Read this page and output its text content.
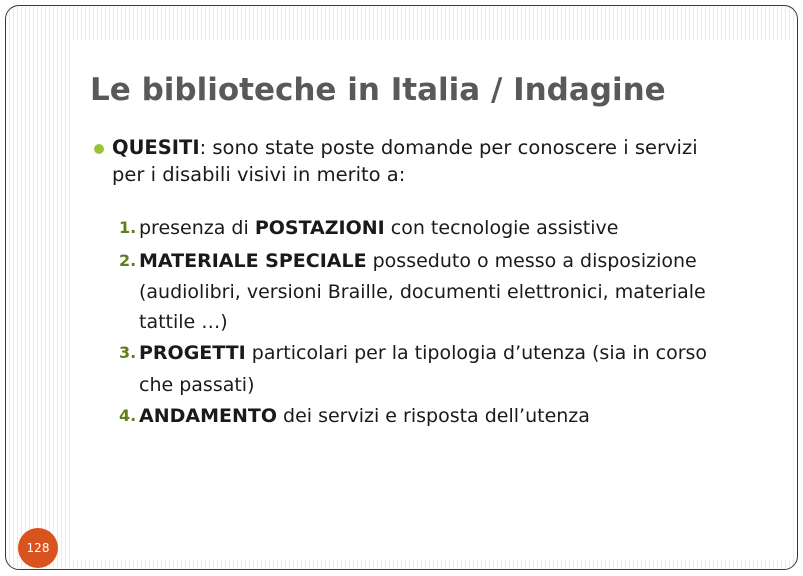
Le biblioteche in Italia / Indagine
QUESITI: sono state poste domande per conoscere i servizi
per i disabili visivi in merito a:
1. presenza di POSTAZIONI con tecnologie assistive
2. MATERIALE SPECIALE posseduto o messo a disposizione
(audiolibri, versioni Braille, documenti elettronici, materiale
tattile …)
3. PROGETTI particolari per la tipologia d’utenza (sia in corso
che passati)
4. ANDAMENTO dei servizi e risposta dell’utenza
128
